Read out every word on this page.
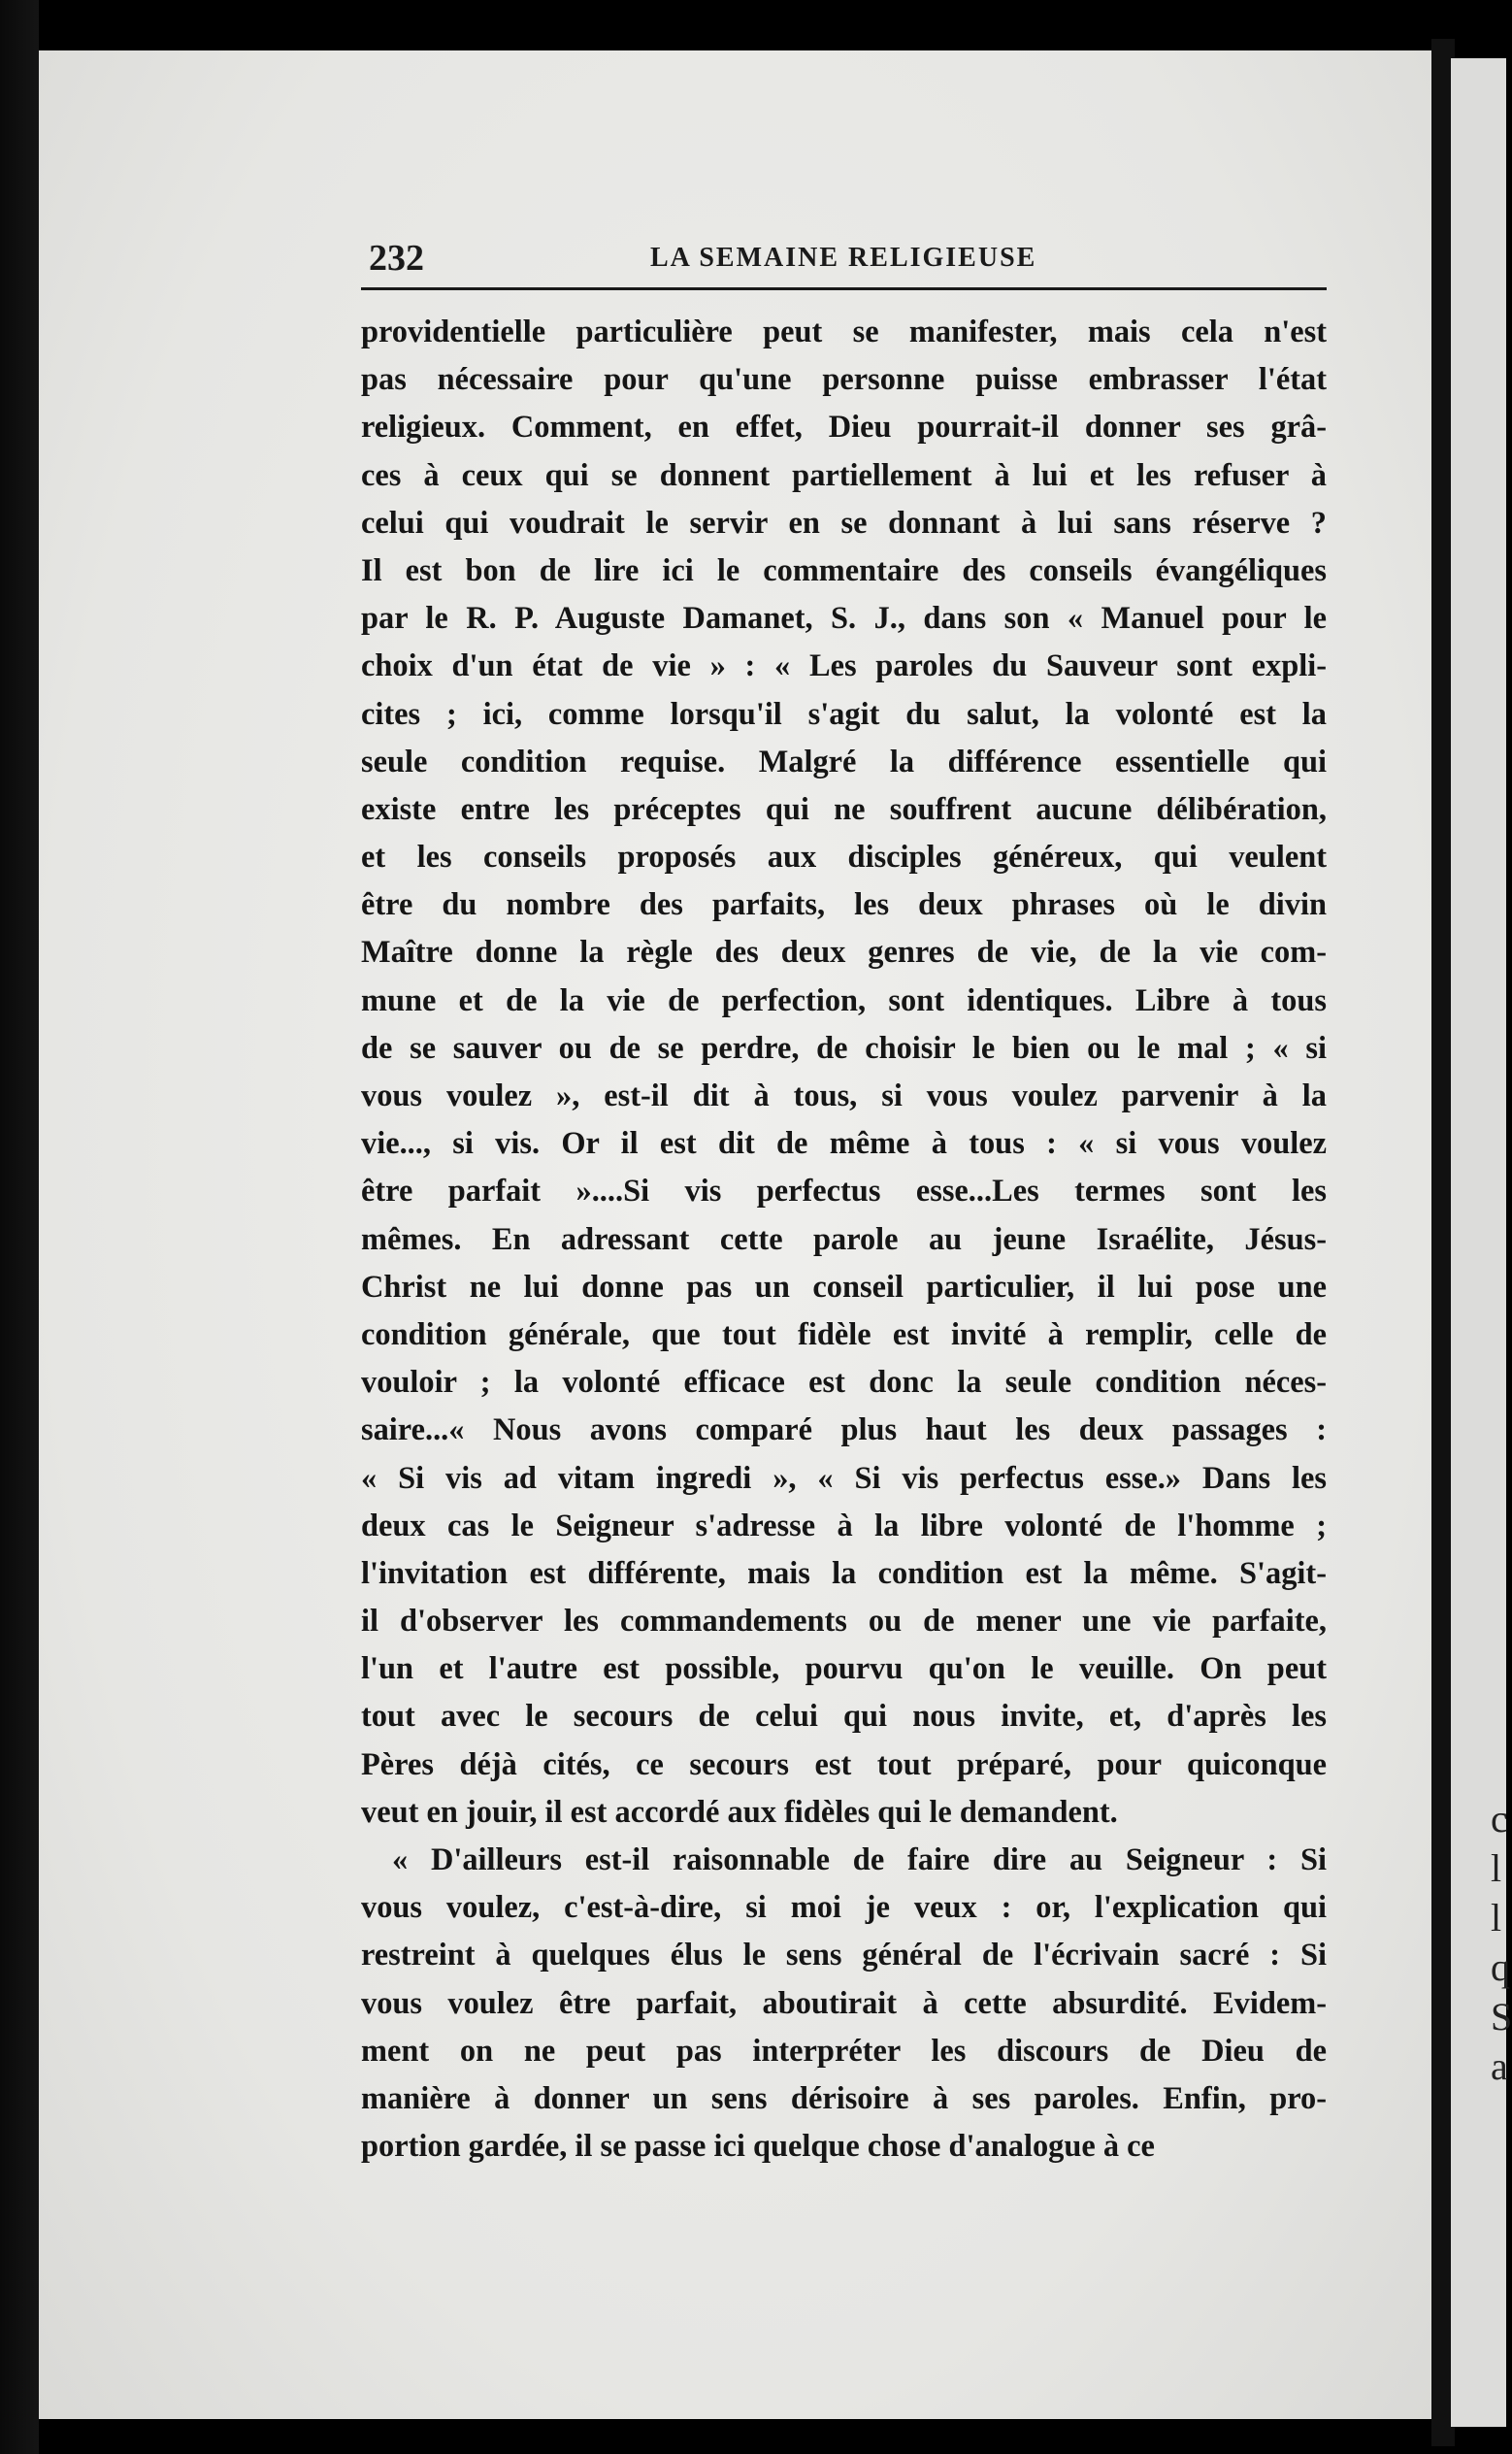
c
l
l
q
S
a
232	LA SEMAINE RELIGIEUSE
providentielle particulière peut se manifester, mais cela n'est
pas nécessaire pour qu'une personne puisse embrasser l'état
religieux. Comment, en effet, Dieu pourrait-il donner ses grâ-
ces à ceux qui se donnent partiellement à lui et les refuser à
celui qui voudrait le servir en se donnant à lui sans réserve ?
Il est bon de lire ici le commentaire des conseils évangéliques
par le R. P. Auguste Damanet, S. J., dans son « Manuel pour le
choix d'un état de vie » : « Les paroles du Sauveur sont expli-
cites ; ici, comme lorsqu'il s'agit du salut, la volonté est la
seule condition requise. Malgré la différence essentielle qui
existe entre les préceptes qui ne souffrent aucune délibération,
et les conseils proposés aux disciples généreux, qui veulent
être du nombre des parfaits, les deux phrases où le divin
Maître donne la règle des deux genres de vie, de la vie com-
mune et de la vie de perfection, sont identiques. Libre à tous
de se sauver ou de se perdre, de choisir le bien ou le mal ; « si
vous voulez », est-il dit à tous, si vous voulez parvenir à la
vie..., si vis. Or il est dit de même à tous : « si vous voulez
être parfait »....Si vis perfectus esse...Les termes sont les
mêmes. En adressant cette parole au jeune Israélite, Jésus-
Christ ne lui donne pas un conseil particulier, il lui pose une
condition générale, que tout fidèle est invité à remplir, celle de
vouloir ; la volonté efficace est donc la seule condition néces-
saire...« Nous avons comparé plus haut les deux passages :
« Si vis ad vitam ingredi », « Si vis perfectus esse.» Dans les
deux cas le Seigneur s'adresse à la libre volonté de l'homme ;
l'invitation est différente, mais la condition est la même. S'agit-
il d'observer les commandements ou de mener une vie parfaite,
l'un et l'autre est possible, pourvu qu'on le veuille. On peut
tout avec le secours de celui qui nous invite, et, d'après les
Pères déjà cités, ce secours est tout préparé, pour quiconque
veut en jouir, il est accordé aux fidèles qui le demandent.
« D'ailleurs est-il raisonnable de faire dire au Seigneur : Si
vous voulez, c'est-à-dire, si moi je veux : or, l'explication qui
restreint à quelques élus le sens général de l'écrivain sacré : Si
vous voulez être parfait, aboutirait à cette absurdité. Evidem-
ment on ne peut pas interpréter les discours de Dieu de
manière à donner un sens dérisoire à ses paroles. Enfin, pro-
portion gardée, il se passe ici quelque chose d'analogue à ce
